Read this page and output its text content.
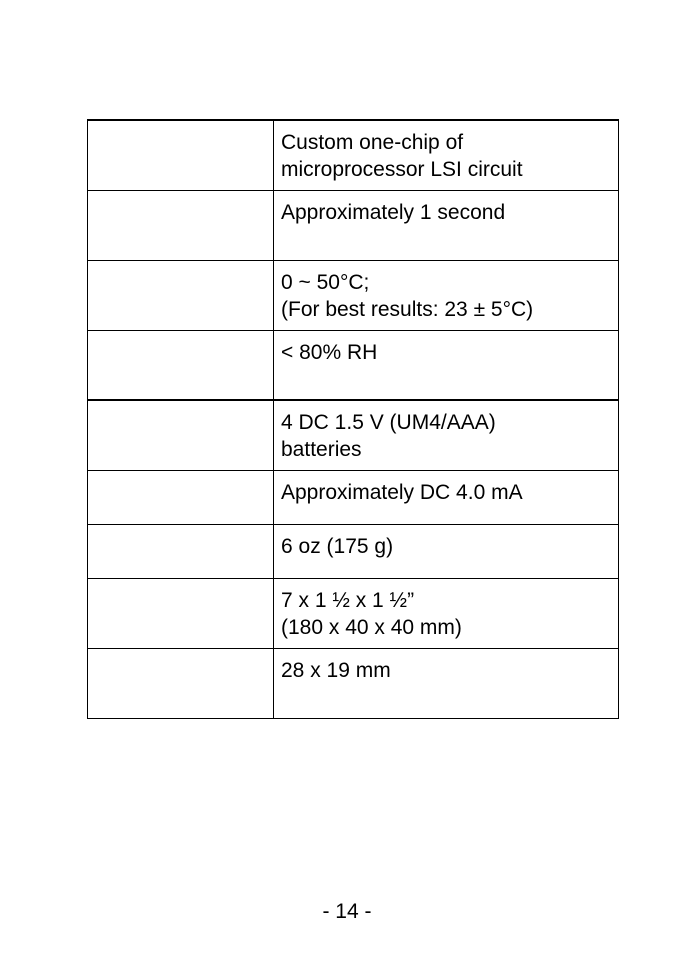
	Custom one-chip of
microprocessor LSI circuit

	Approximately 1 second

	0 ~ 50°C;
(For best results: 23 ± 5°C)

	< 80% RH

	4 DC 1.5 V (UM4/AAA)
batteries

	Approximately DC 4.0 mA

	6 oz (175 g)

	7 x 1 ½ x 1 ½”
(180 x 40 x 40 mm)

	28 x 19 mm
- 14 -
